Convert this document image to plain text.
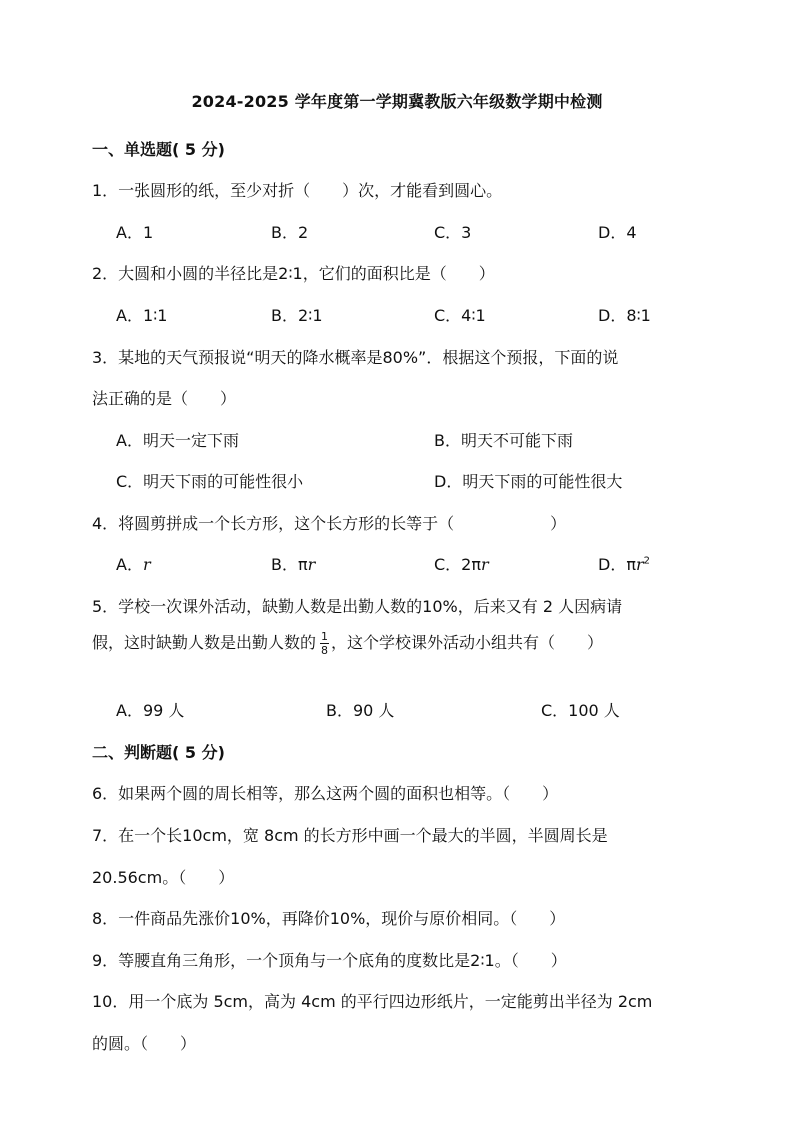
2024-2025 学年度第一学期冀教版六年级数学期中检测
一、单选题( 5 分)
1．一张圆形的纸，至少对折（　　）次，才能看到圆心。
A．1	B．2	C．3	D．4
2．大圆和小圆的半径比是2∶1，它们的面积比是（　　）
A．1∶1	B．2∶1	C．4∶1	D．8∶1
3．某地的天气预报说“明天的降水概率是80%”．根据这个预报，下面的说
法正确的是（　　）
A．明天一定下雨	B．明天不可能下雨
C．明天下雨的可能性很小	D．明天下雨的可能性很大
4．将圆剪拼成一个长方形，这个长方形的长等于（　　　　　　）
A．r	B．πr	C．2πr	D．$\pi r^2$
5．学校一次课外活动，缺勤人数是出勤人数的10%，后来又有 2 人因病请
假，这时缺勤人数是出勤人数的 $\frac{1}{8}$ ，这个学校课外活动小组共有（　　）
A．99 人	B．90 人	C．100 人
二、判断题( 5 分)
6．如果两个圆的周长相等，那么这两个圆的面积也相等。（　　）
7．在一个长10cm，宽 8cm 的长方形中画一个最大的半圆，半圆周长是
20.56cm。（　　）
8．一件商品先涨价10%，再降价10%，现价与原价相同。（　　）
9．等腰直角三角形，一个顶角与一个底角的度数比是2∶1。（　　）
10．用一个底为 5cm，高为 4cm 的平行四边形纸片，一定能剪出半径为 2cm
的圆。（　　）
